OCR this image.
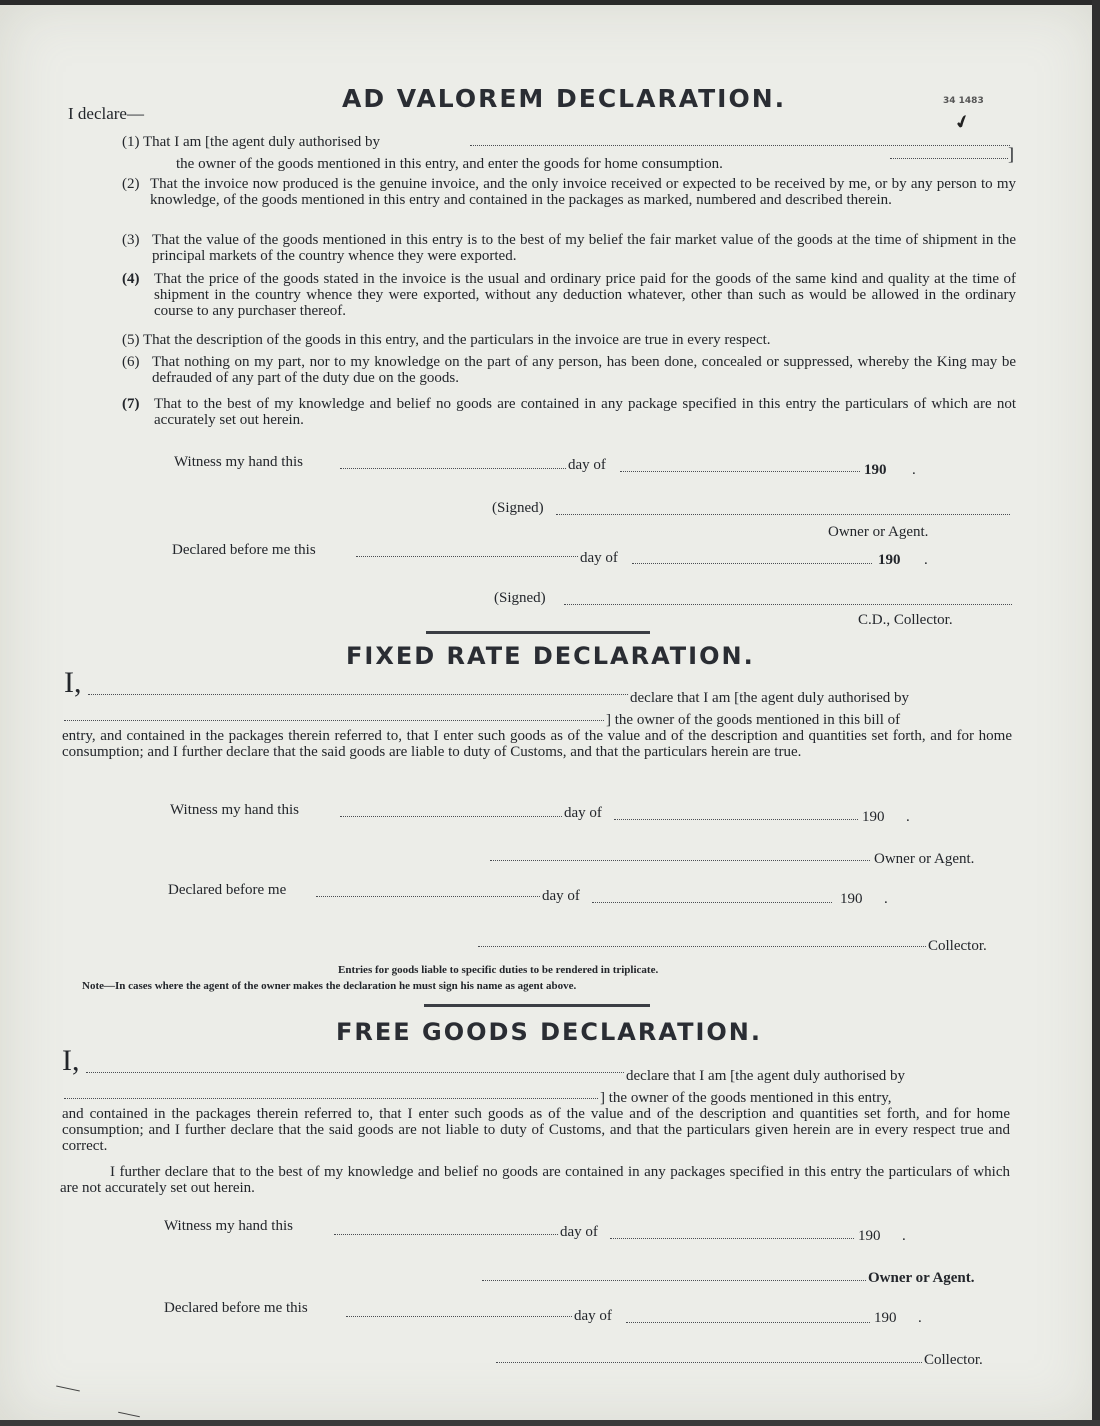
AD VALOREM DECLARATION.	34 1483
✔
I declare—
(1) That I am [the agent duly authorised by
the owner of the goods mentioned in this entry, and enter the goods for home consumption.	]
(2) That the invoice now produced is the genuine invoice, and the only invoice received or expected to be received by me, or by any person to my knowledge, of the goods mentioned in this entry and contained in the packages as marked, numbered and described therein.
(3) That the value of the goods mentioned in this entry is to the best of my belief the fair market value of the goods at the time of shipment in the principal markets of the country whence they were exported.
(4) That the price of the goods stated in the invoice is the usual and ordinary price paid for the goods of the same kind and quality at the time of shipment in the country whence they were exported, without any deduction whatever, other than such as would be allowed in the ordinary course to any purchaser thereof.
(5) That the description of the goods in this entry, and the particulars in the invoice are true in every respect.
(6) That nothing on my part, nor to my knowledge on the part of any person, has been done, concealed or suppressed, whereby the King may be defrauded of any part of the duty due on the goods.
(7) That to the best of my knowledge and belief no goods are contained in any package specified in this entry the particulars of which are not accurately set out herein.
Witness my hand this	day of	190 .
(Signed)
Owner or Agent.
Declared before me this	day of	190 .
(Signed)
C.D., Collector.
FIXED RATE DECLARATION.
I,	declare that I am [the agent duly authorised by
] the owner of the goods mentioned in this bill of
entry, and contained in the packages therein referred to, that I enter such goods as of the value and of the description and quantities set forth, and for home consumption; and I further declare that the said goods are liable to duty of Customs, and that the particulars herein are true.
Witness my hand this	day of	190 .
Owner or Agent.
Declared before me	day of	190 .
Collector.
Entries for goods liable to specific duties to be rendered in triplicate.
Note—In cases where the agent of the owner makes the declaration he must sign his name as agent above.
FREE GOODS DECLARATION.
I,	declare that I am [the agent duly authorised by
] the owner of the goods mentioned in this entry,
and contained in the packages therein referred to, that I enter such goods as of the value and of the description and quantities set forth, and for home consumption; and I further declare that the said goods are not liable to duty of Customs, and that the particulars given herein are in every respect true and correct.
I further declare that to the best of my knowledge and belief no goods are contained in any packages specified in this entry the particulars of which are not accurately set out herein.
Witness my hand this	day of	190 .
Owner or Agent.
Declared before me this	day of	190 .
Collector.
